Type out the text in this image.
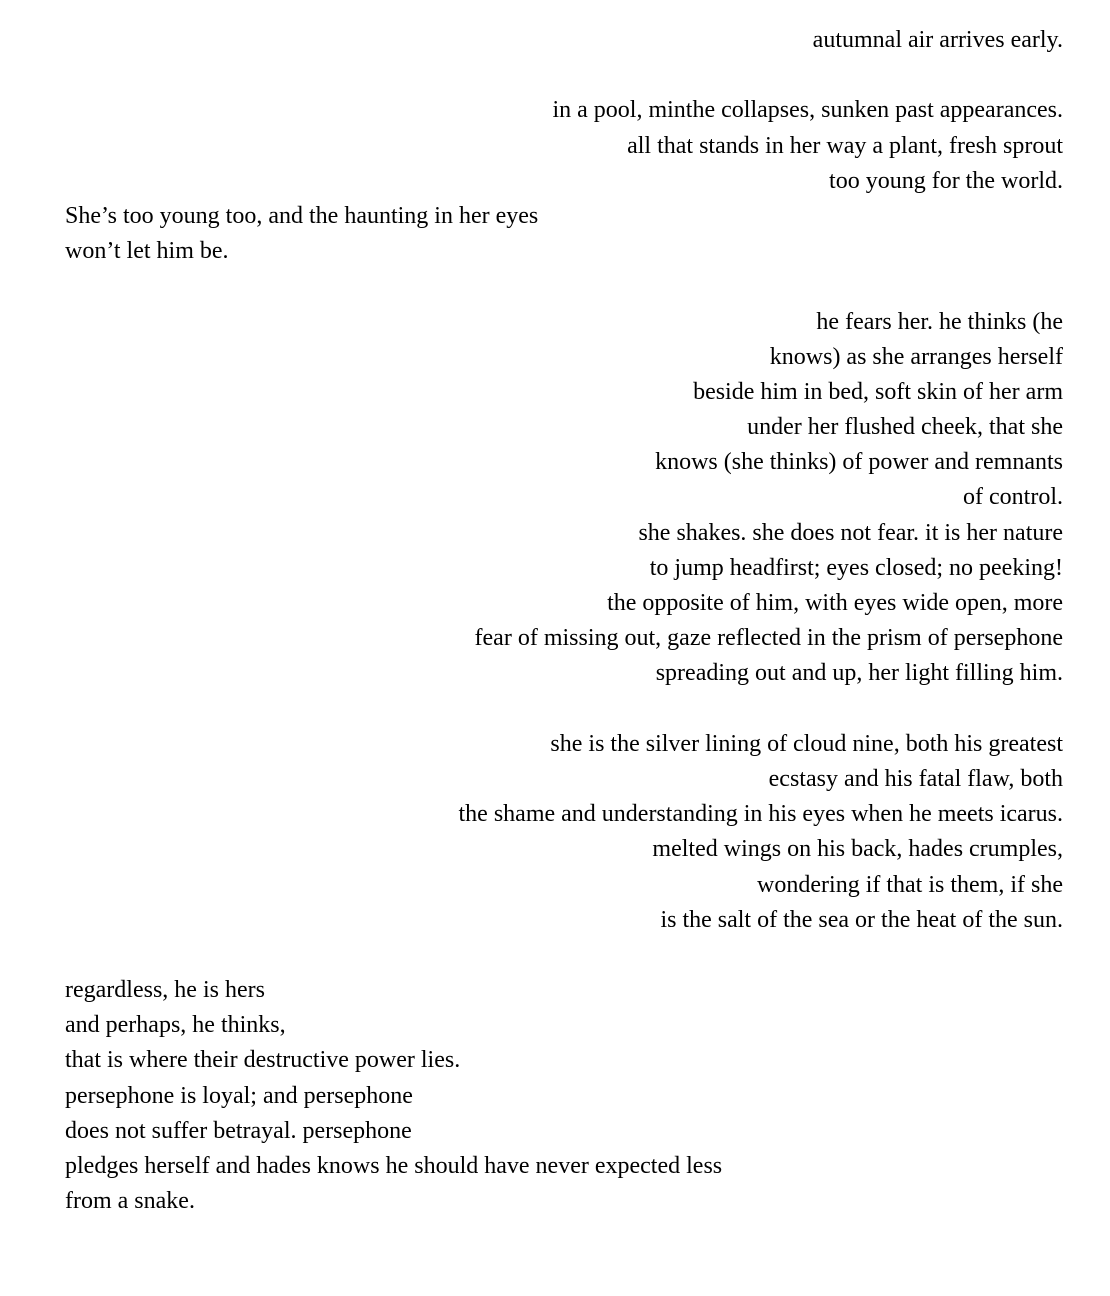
autumnal air arrives early.
in a pool, minthe collapses, sunken past appearances.
all that stands in her way a plant, fresh sprout
too young for the world.
She’s too young too, and the haunting in her eyes
won’t let him be.
he fears her. he thinks (he
knows) as she arranges herself
beside him in bed, soft skin of her arm
under her flushed cheek, that she
knows (she thinks) of power and remnants
of control.
she shakes. she does not fear. it is her nature
to jump headfirst; eyes closed; no peeking!
the opposite of him, with eyes wide open, more
fear of missing out, gaze reflected in the prism of persephone
spreading out and up, her light filling him.
she is the silver lining of cloud nine, both his greatest
ecstasy and his fatal flaw, both
the shame and understanding in his eyes when he meets icarus.
melted wings on his back, hades crumples,
wondering if that is them, if she
is the salt of the sea or the heat of the sun.
regardless, he is hers
and perhaps, he thinks,
that is where their destructive power lies.
persephone is loyal; and persephone
does not suffer betrayal. persephone
pledges herself and hades knows he should have never expected less
from a snake.
